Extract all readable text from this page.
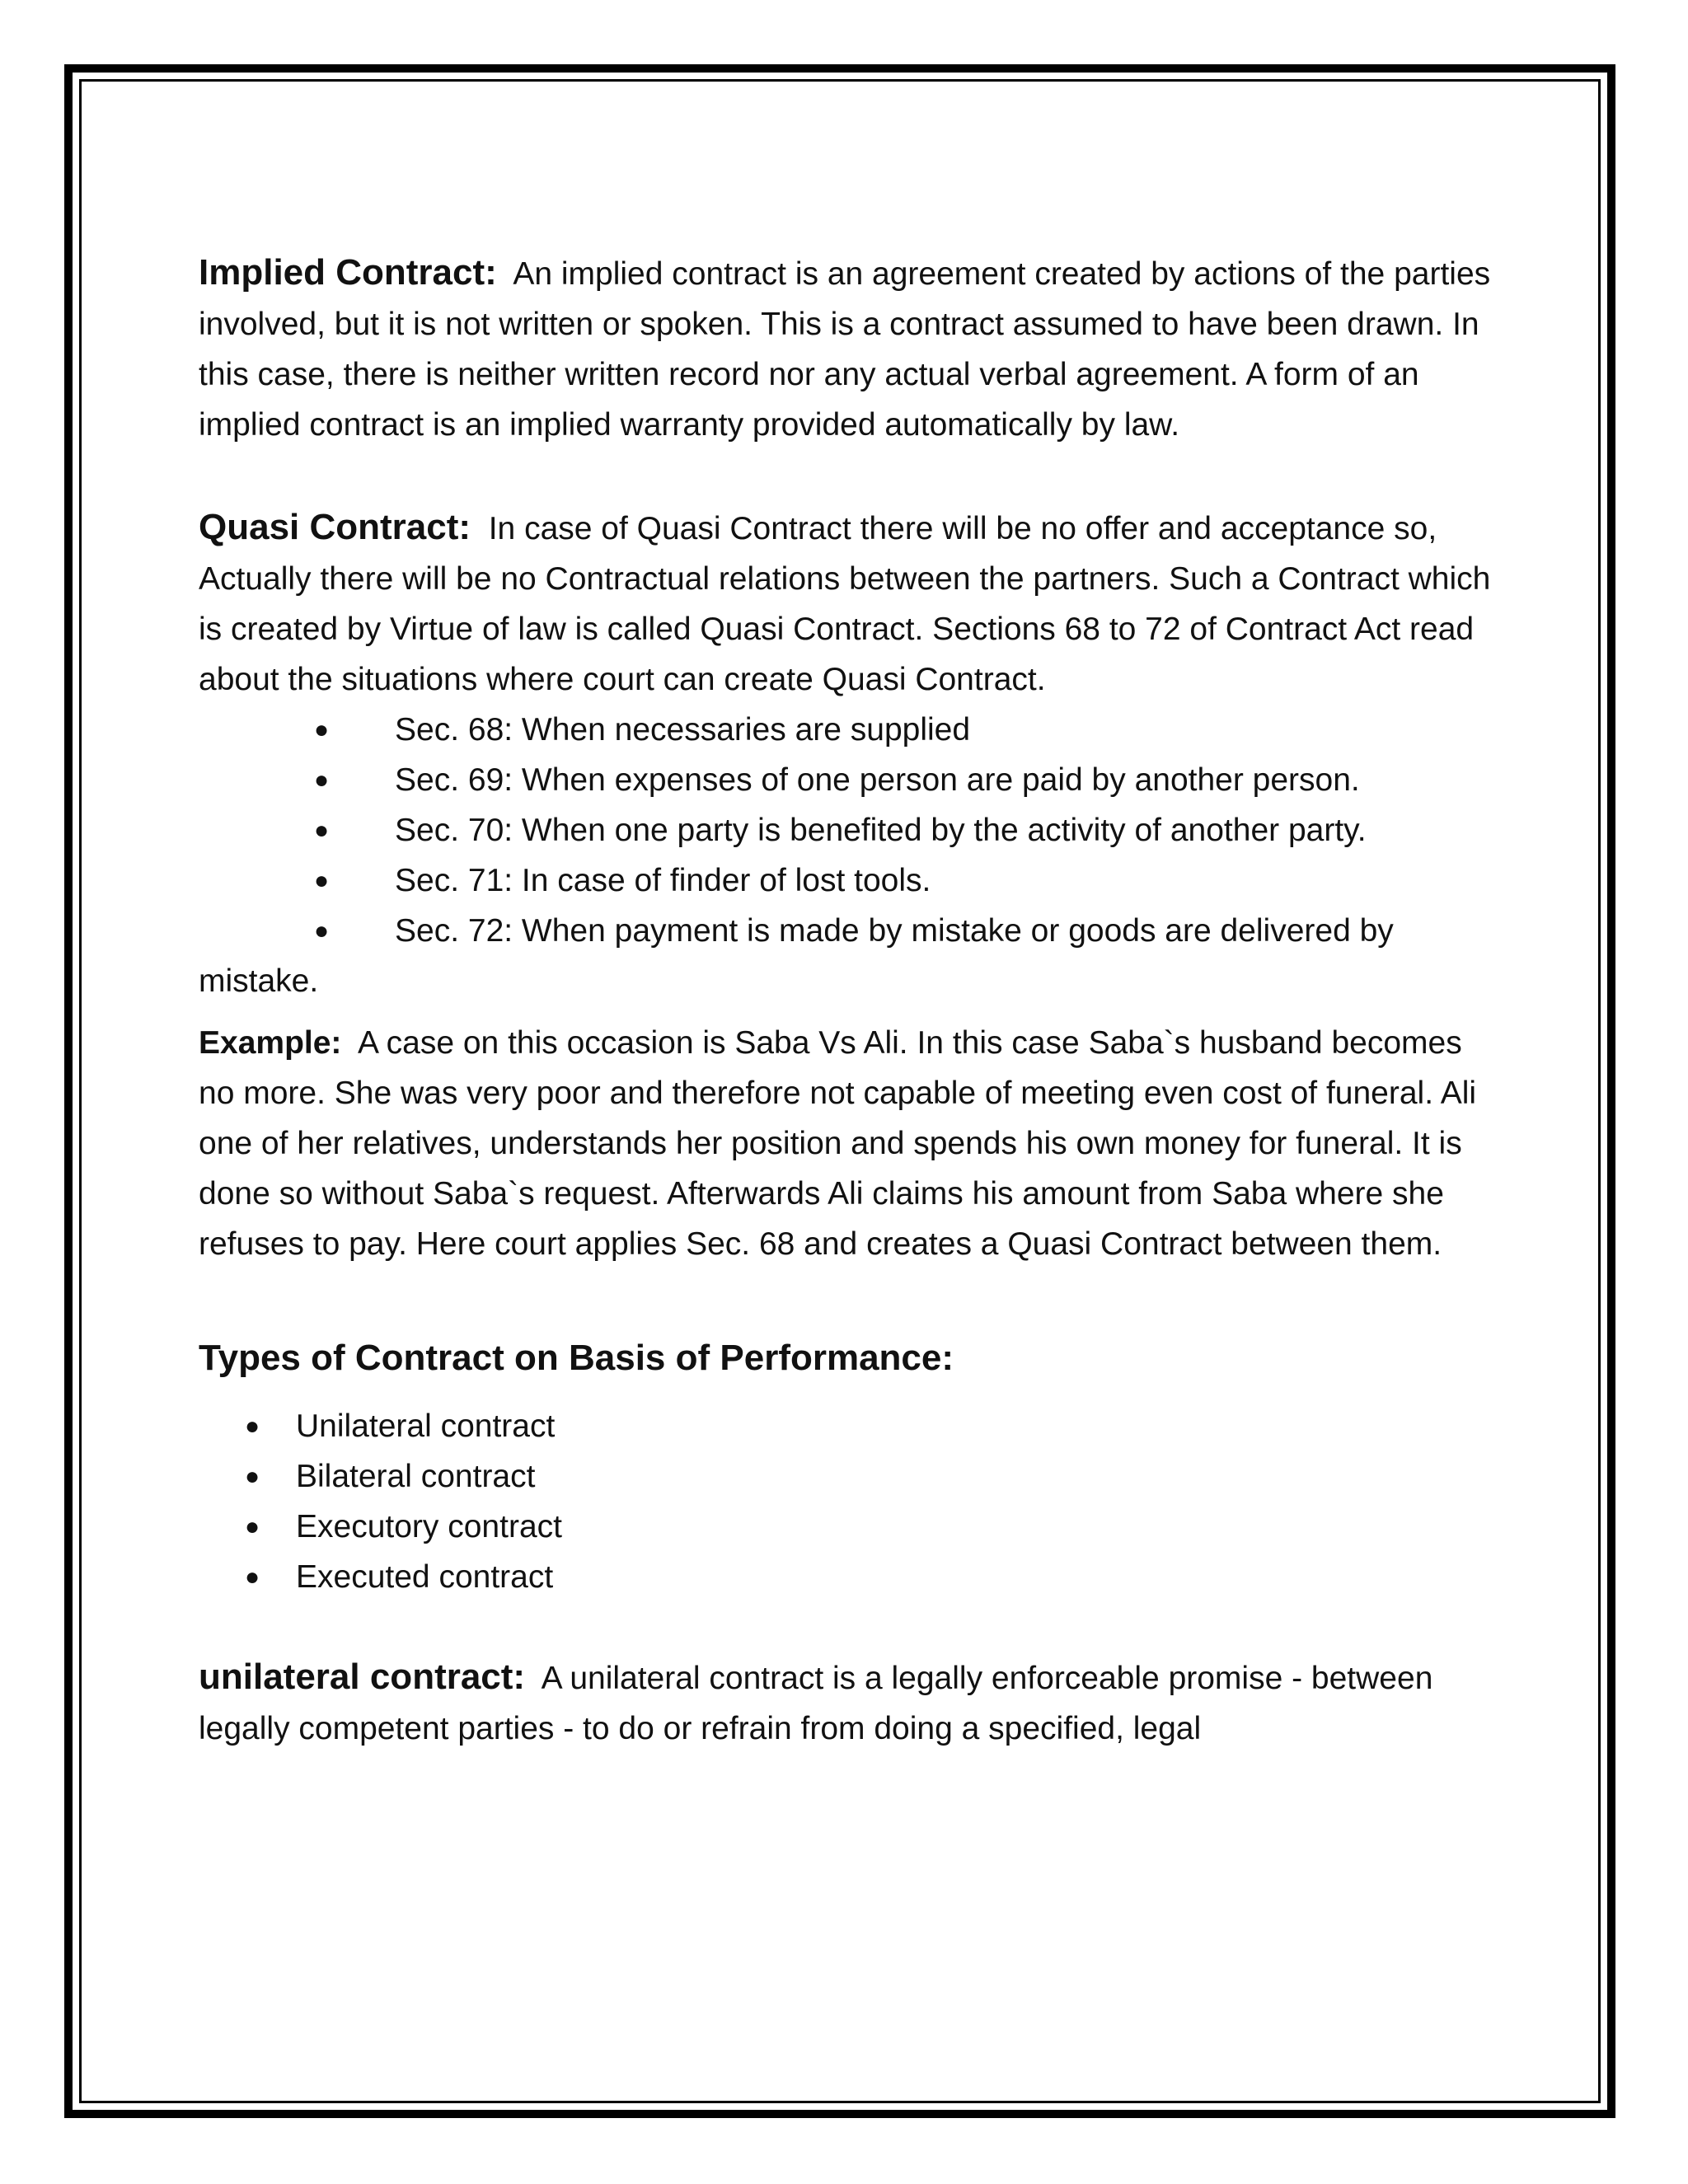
Implied Contract: An implied contract is an agreement created by actions of the parties involved, but it is not written or spoken. This is a contract assumed to have been drawn. In this case, there is neither written record nor any actual verbal agreement. A form of an implied contract is an implied warranty provided automatically by law.

Quasi Contract: In case of Quasi Contract there will be no offer and acceptance so, Actually there will be no Contractual relations between the partners. Such a Contract which is created by Virtue of law is called Quasi Contract. Sections 68 to 72 of Contract Act read about the situations where court can create Quasi Contract.

● Sec. 68: When necessaries are supplied
● Sec. 69: When expenses of one person are paid by another person.
● Sec. 70: When one party is benefited by the activity of another party.
● Sec. 71: In case of finder of lost tools.
● Sec. 72: When payment is made by mistake or goods are delivered by mistake.

Example: A case on this occasion is Saba Vs Ali. In this case Saba`s husband becomes no more. She was very poor and therefore not capable of meeting even cost of funeral. Ali one of her relatives, understands her position and spends his own money for funeral. It is done so without Saba`s request. Afterwards Ali claims his amount from Saba where she refuses to pay. Here court applies Sec. 68 and creates a Quasi Contract between them.

Types of Contract on Basis of Performance:

● Unilateral contract
● Bilateral contract
● Executory contract
● Executed contract

unilateral contract: A unilateral contract is a legally enforceable promise - between legally competent parties - to do or refrain from doing a specified, legal
